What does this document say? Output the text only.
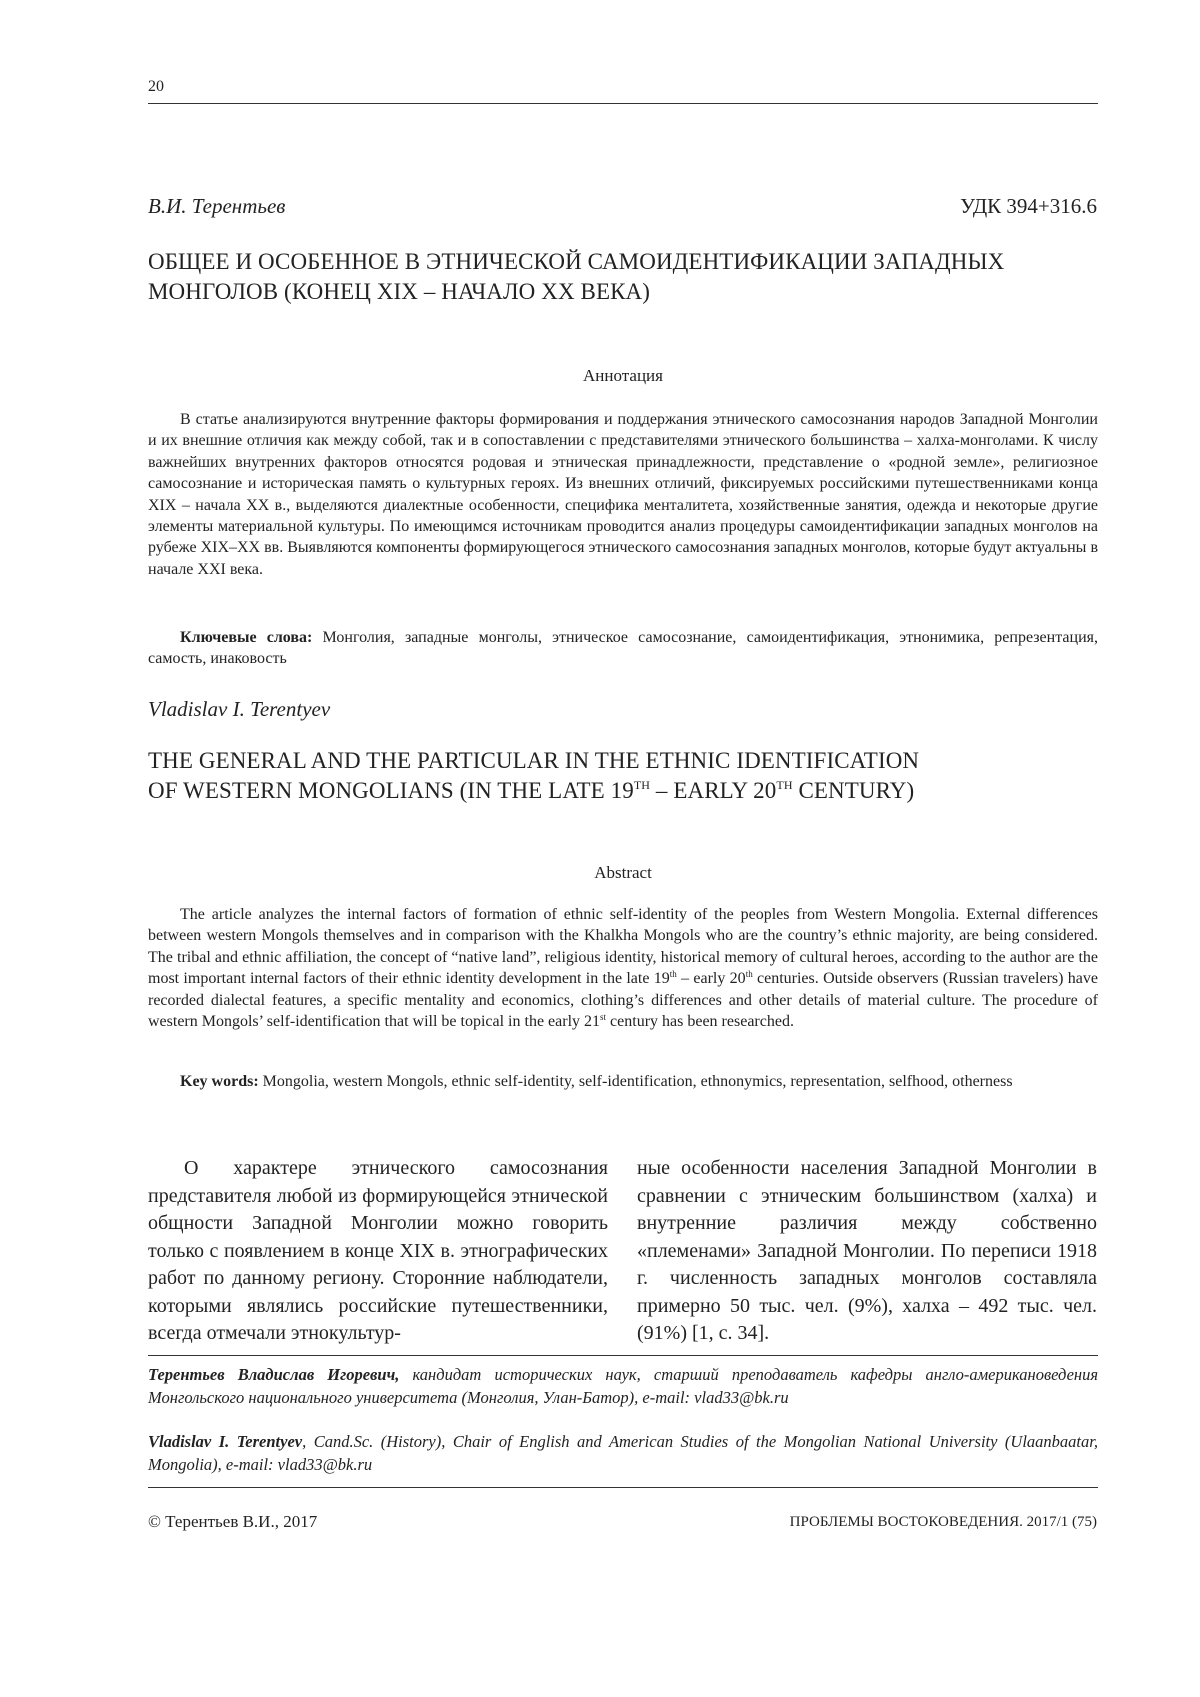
20
В.И. Терентьев	УДК 394+316.6

ОБЩЕЕ И ОСОБЕННОЕ В ЭТНИЧЕСКОЙ САМОИДЕНТИФИКАЦИИ ЗАПАДНЫХ

МОНГОЛОВ (КОНЕЦ XIX – НАЧАЛО XX ВЕКА)

Аннотация

В статье анализируются внутренние факторы формирования и поддержания этнического самосознания народов Западной Монголии и их внешние отличия как между собой, так и в сопоставлении с представителями этнического большинства – халха-монголами. К числу важнейших внутренних факторов относятся родовая и этническая принадлежности, представление о «родной земле», религиозное самосознание и историческая память о культурных героях. Из внешних отличий, фиксируемых российскими путешественниками конца XIX – начала XX в., выделяются диалектные особенности, специфика менталитета, хозяйственные занятия, одежда и некоторые другие элементы материальной культуры. По имеющимся источникам проводится анализ процедуры самоидентификации западных монголов на рубеже XIX–XX вв. Выявляются компоненты формирующегося этнического самосознания западных монголов, которые будут актуальны в начале XXI века.

Ключевые слова: Монголия, западные монголы, этническое самосознание, самоидентификация, этнонимика, репрезентация, самость, инаковость

Vladislav I. Terentyev

THE GENERAL AND THE PARTICULAR IN THE ETHNIC IDENTIFICATION

OF WESTERN MONGOLIANS (IN THE LATE 19TH – EARLY 20TH CENTURY)

Abstract

The article analyzes the internal factors of formation of ethnic self-identity of the peoples from Western Mongolia. External differences between western Mongols themselves and in comparison with the Khalkha Mongols who are the country’s ethnic majority, are being considered. The tribal and ethnic affiliation, the concept of “native land”, religious identity, historical memory of cultural heroes, according to the author are the most important internal factors of their ethnic identity development in the late 19th – early 20th centuries. Outside observers (Russian travelers) have recorded dialectal features, a specific mentality and economics, clothing’s differences and other details of material culture. The procedure of western Mongols’ self-identification that will be topical in the early 21st century has been researched.

Key words: Mongolia, western Mongols, ethnic self-identity, self-identification, ethnonymics, representation, selfhood, otherness

О характере этнического самосознания представителя любой из формирующейся этнической общности Западной Монголии можно говорить только с появлением в конце XIX в. этнографических работ по данному региону. Сторонние наблюдатели, которыми являлись российские путешественники, всегда отмечали этнокультур-

ные особенности населения Западной Монголии в сравнении с этническим большинством (халха) и внутренние различия между собственно «племенами» Западной Монголии. По переписи 1918 г. численность западных монголов составляла примерно 50 тыс. чел. (9%), халха – 492 тыс. чел. (91%) [1, с. 34].

Терентьев Владислав Игоревич, кандидат исторических наук, старший преподаватель кафедры англо-американоведения Монгольского национального университета (Монголия, Улан-Батор), e-mail: vlad33@bk.ru

Vladislav I. Terentyev, Cand.Sc. (History), Chair of English and American Studies of the Mongolian National University (Ulaanbaatar, Mongolia), e-mail: vlad33@bk.ru

© Терентьев В.И., 2017	ПРОБЛЕМЫ ВОСТОКОВЕДЕНИЯ. 2017/1 (75)
